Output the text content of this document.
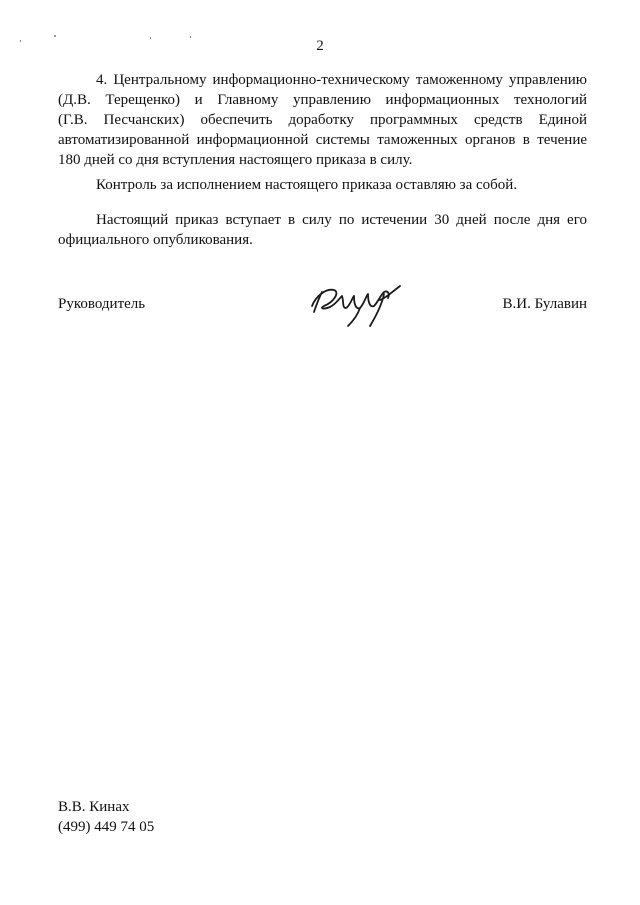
2
4. Центральному информационно-техническому таможенному управлению
(Д.В. Терещенко) и Главному управлению информационных технологий
(Г.В. Песчанских) обеспечить доработку программных средств Единой
автоматизированной информационной системы таможенных органов в течение
180 дней со дня вступления настоящего приказа в силу.
Контроль за исполнением настоящего приказа оставляю за собой.
Настоящий приказ вступает в силу по истечении 30 дней после дня его
официального опубликования.
Руководитель	В.И. Булавин
В.В. Кинах
(499) 449 74 05
